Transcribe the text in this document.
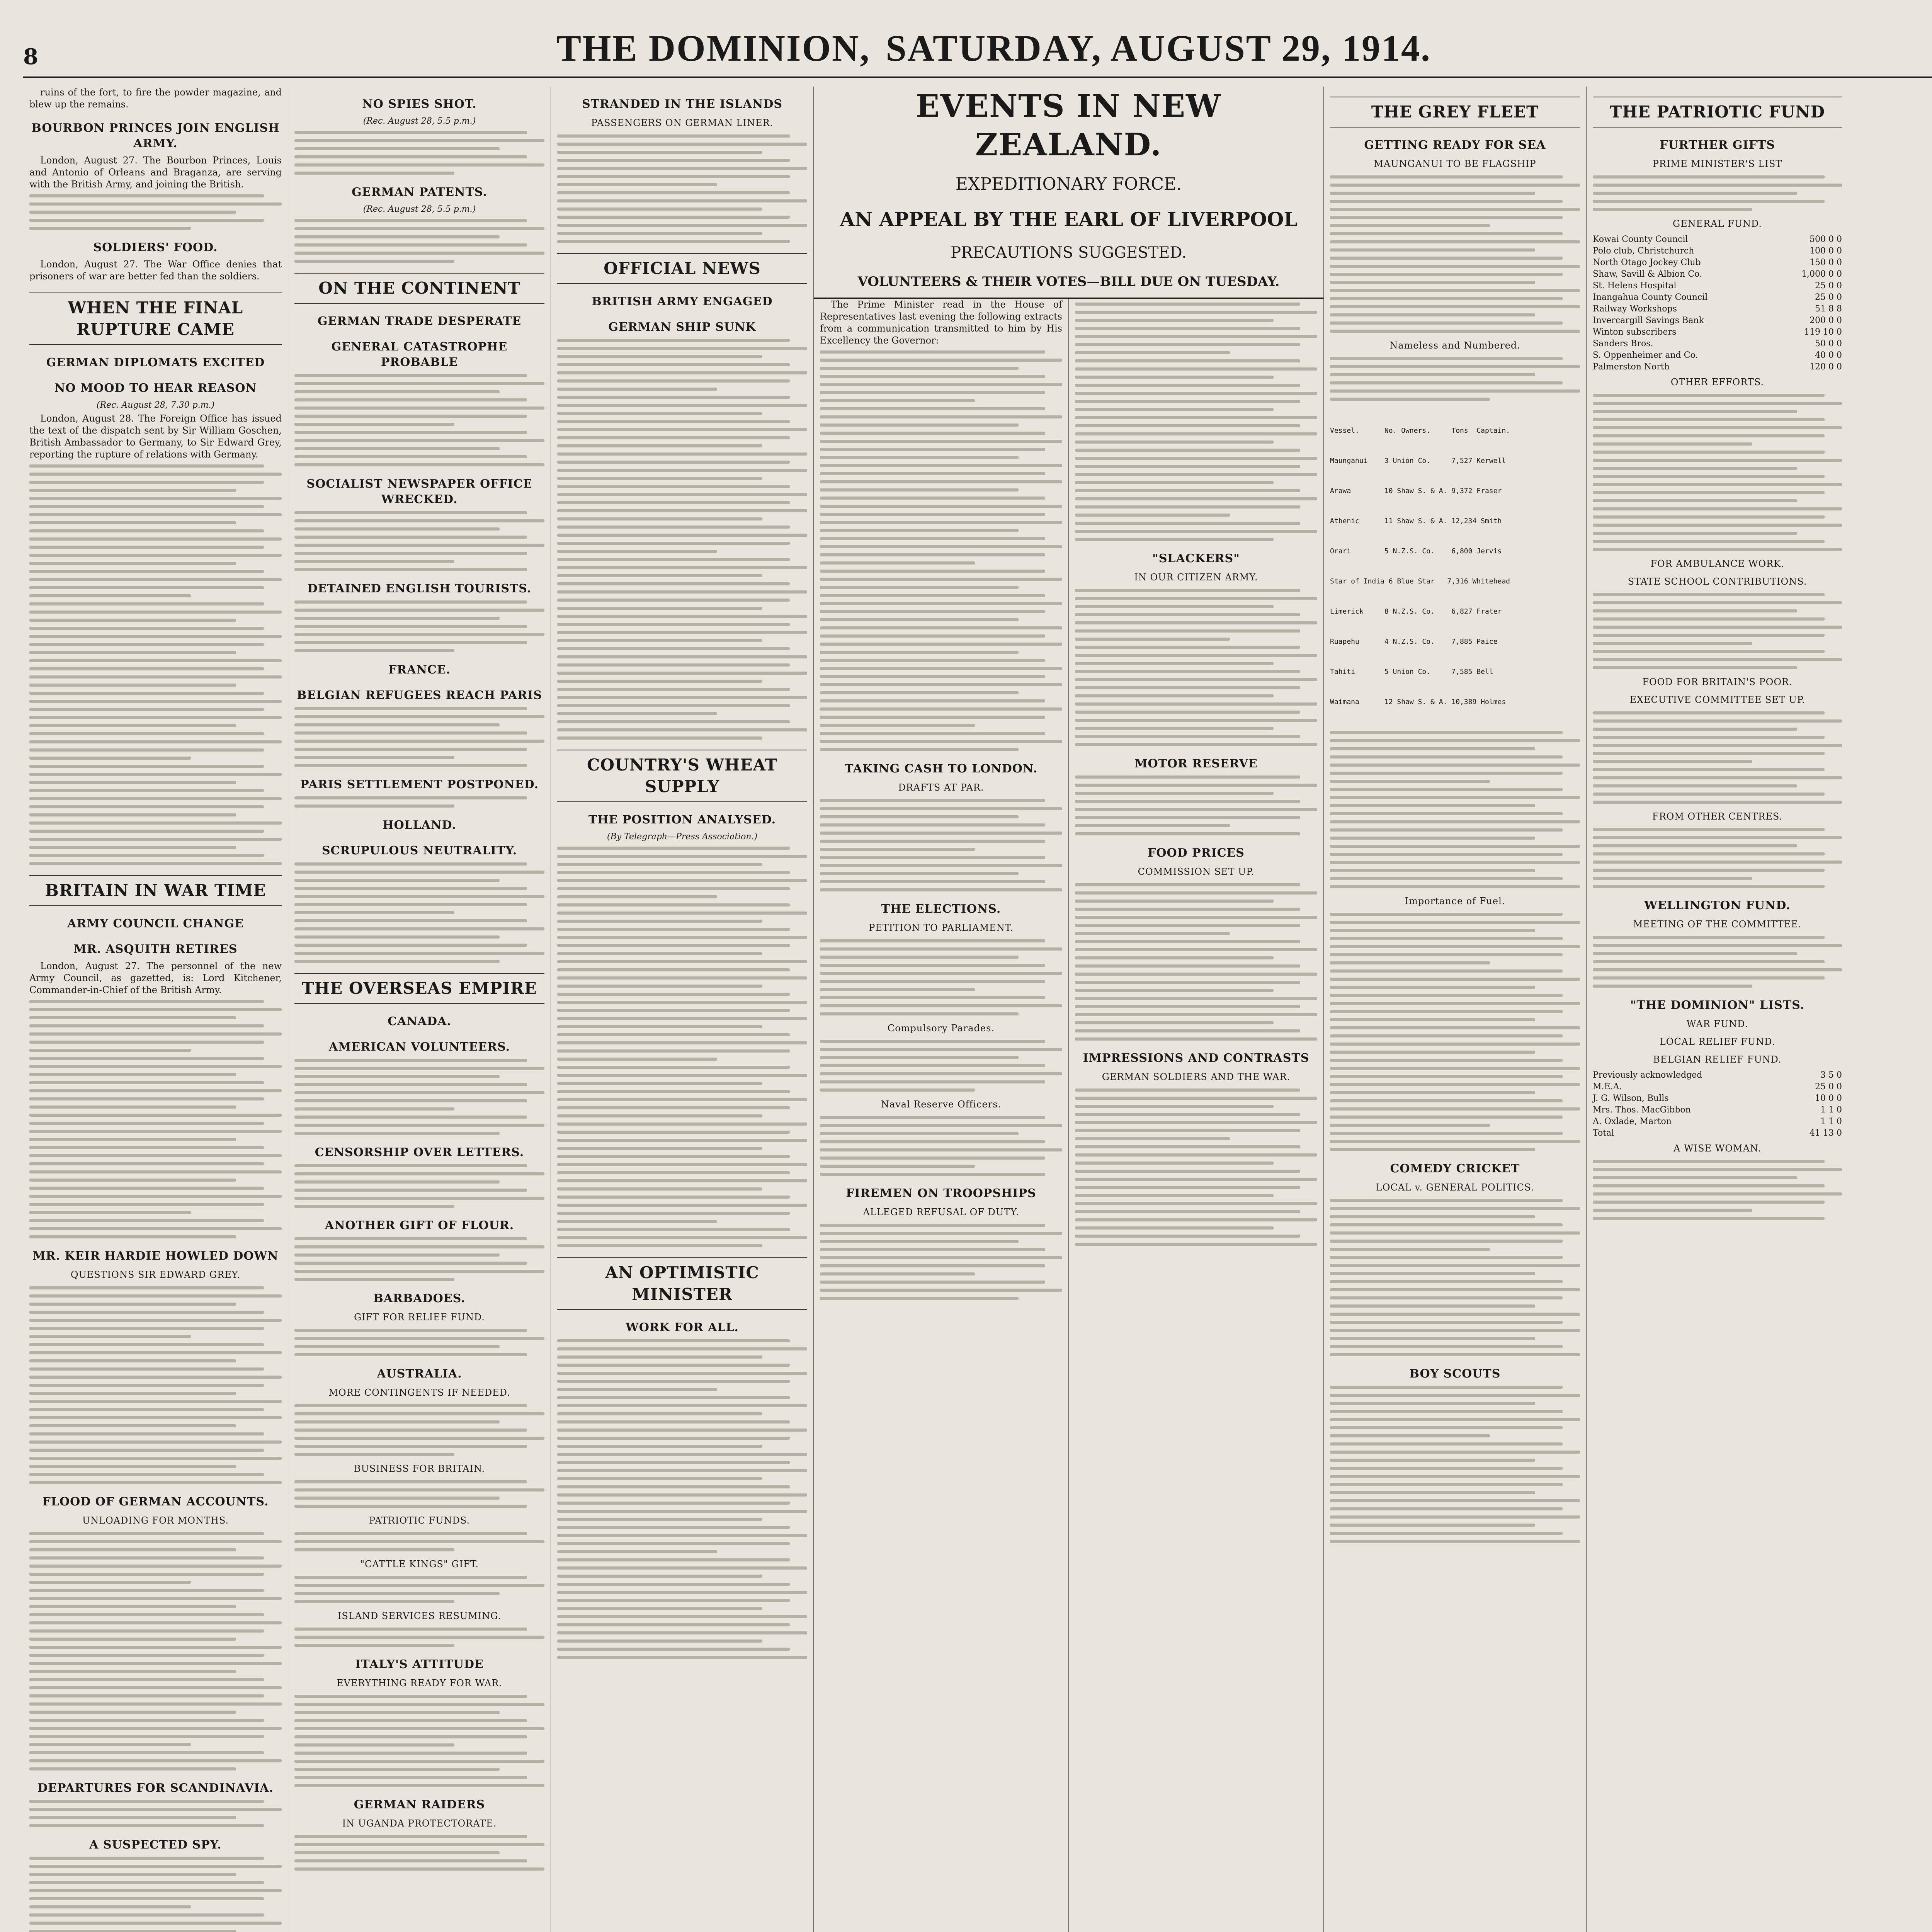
8	THE DOMINION, SATURDAY, AUGUST 29, 1914.

ruins of the fort, to fire the powder magazine, and blew up the remains.

BOURBON PRINCES JOIN ENGLISH ARMY.

London, August 27. The Bourbon Princes, Louis and Antonio of Orleans and Braganza, are serving with the British Army, and joining the British.

SOLDIERS' FOOD.

London, August 27. The War Office denies that prisoners of war are better fed than the soldiers.

WHEN THE FINAL RUPTURE CAME
GERMAN DIPLOMATS EXCITED
NO MOOD TO HEAR REASON
(Rec. August 28, 7.30 p.m.)

London, August 28. The Foreign Office has issued the text of the dispatch sent by Sir William Goschen, British Ambassador to Germany, to Sir Edward Grey, reporting the rupture of relations with Germany.

BRITAIN IN WAR TIME
ARMY COUNCIL CHANGE
MR. ASQUITH RETIRES

London, August 27. The personnel of the new Army Council, as gazetted, is: Lord Kitchener, Commander-in-Chief of the British Army.

MR. KEIR HARDIE HOWLED DOWN
QUESTIONS SIR EDWARD GREY.
FLOOD OF GERMAN ACCOUNTS.
UNLOADING FOR MONTHS.
DEPARTURES FOR SCANDINAVIA.
A SUSPECTED SPY.
NO SPIES SHOT.
(Rec. August 28, 5.5 p.m.)
GERMAN PATENTS.
(Rec. August 28, 5.5 p.m.)
ON THE CONTINENT
GERMAN TRADE DESPERATE
GENERAL CATASTROPHE PROBABLE
SOCIALIST NEWSPAPER OFFICE WRECKED.
DETAINED ENGLISH TOURISTS.
FRANCE.
BELGIAN REFUGEES REACH PARIS
PARIS SETTLEMENT POSTPONED.
HOLLAND.
SCRUPULOUS NEUTRALITY.
THE OVERSEAS EMPIRE
CANADA.
AMERICAN VOLUNTEERS.
CENSORSHIP OVER LETTERS.
ANOTHER GIFT OF FLOUR.
BARBADOES.
GIFT FOR RELIEF FUND.
AUSTRALIA.
MORE CONTINGENTS IF NEEDED.
BUSINESS FOR BRITAIN.
PATRIOTIC FUNDS.
"CATTLE KINGS" GIFT.
ISLAND SERVICES RESUMING.
ITALY'S ATTITUDE
EVERYTHING READY FOR WAR.
GERMAN RAIDERS
IN UGANDA PROTECTORATE.
STRANDED IN THE ISLANDS
PASSENGERS ON GERMAN LINER.
OFFICIAL NEWS
BRITISH ARMY ENGAGED
GERMAN SHIP SUNK
COUNTRY'S WHEAT SUPPLY
THE POSITION ANALYSED.
(By Telegraph—Press Association.)
AN OPTIMISTIC MINISTER
WORK FOR ALL.
EVENTS IN NEW ZEALAND.
EXPEDITIONARY FORCE.
AN APPEAL BY THE EARL OF LIVERPOOL
PRECAUTIONS SUGGESTED.
VOLUNTEERS & THEIR VOTES—BILL DUE ON TUESDAY.

The Prime Minister read in the House of Representatives last evening the following extracts from a communication transmitted to him by His Excellency the Governor:

TAKING CASH TO LONDON.
DRAFTS AT PAR.
THE ELECTIONS.
PETITION TO PARLIAMENT.
Compulsory Parades.
Naval Reserve Officers.
FIREMEN ON TROOPSHIPS
ALLEGED REFUSAL OF DUTY.
"SLACKERS"
IN OUR CITIZEN ARMY.
MOTOR RESERVE
FOOD PRICES
COMMISSION SET UP.
IMPRESSIONS AND CONTRASTS
GERMAN SOLDIERS AND THE WAR.
THE GREY FLEET
GETTING READY FOR SEA
MAUNGANUI TO BE FLAGSHIP
Nameless and Numbered.

Vessel.      No. Owners.     Tons  Captain.

Maunganui    3 Union Co.     7,527 Kerwell

Arawa        10 Shaw S. & A. 9,372 Fraser

Athenic      11 Shaw S. & A. 12,234 Smith

Orari        5 N.Z.S. Co.    6,800 Jervis

Star of India 6 Blue Star   7,316 Whitehead

Limerick     8 N.Z.S. Co.    6,827 Frater

Ruapehu      4 N.Z.S. Co.    7,885 Paice

Tahiti       5 Union Co.     7,585 Bell

Waimana      12 Shaw S. & A. 10,389 Holmes

Importance of Fuel.
COMEDY CRICKET
LOCAL v. GENERAL POLITICS.
BOY SCOUTS
THE PATRIOTIC FUND
FURTHER GIFTS
PRIME MINISTER'S LIST
GENERAL FUND.
Kowai County Council	500 0 0
Polo club, Christchurch	100 0 0
North Otago Jockey Club	150 0 0
Shaw, Savill & Albion Co.	1,000 0 0
St. Helens Hospital	25 0 0
Inangahua County Council	25 0 0
Railway Workshops	51 8 8
Invercargill Savings Bank	200 0 0
Winton subscribers	119 10 0
Sanders Bros.	50 0 0
S. Oppenheimer and Co.	40 0 0
Palmerston North	120 0 0
OTHER EFFORTS.
FOR AMBULANCE WORK.
STATE SCHOOL CONTRIBUTIONS.
FOOD FOR BRITAIN'S POOR.
EXECUTIVE COMMITTEE SET UP.
FROM OTHER CENTRES.
WELLINGTON FUND.
MEETING OF THE COMMITTEE.
"THE DOMINION" LISTS.
WAR FUND.
LOCAL RELIEF FUND.
BELGIAN RELIEF FUND.
Previously acknowledged	3 5 0
M.E.A.	25 0 0
J. G. Wilson, Bulls	10 0 0
Mrs. Thos. MacGibbon	1 1 0
A. Oxlade, Marton	1 1 0
Total	41 13 0
A WISE WOMAN.
